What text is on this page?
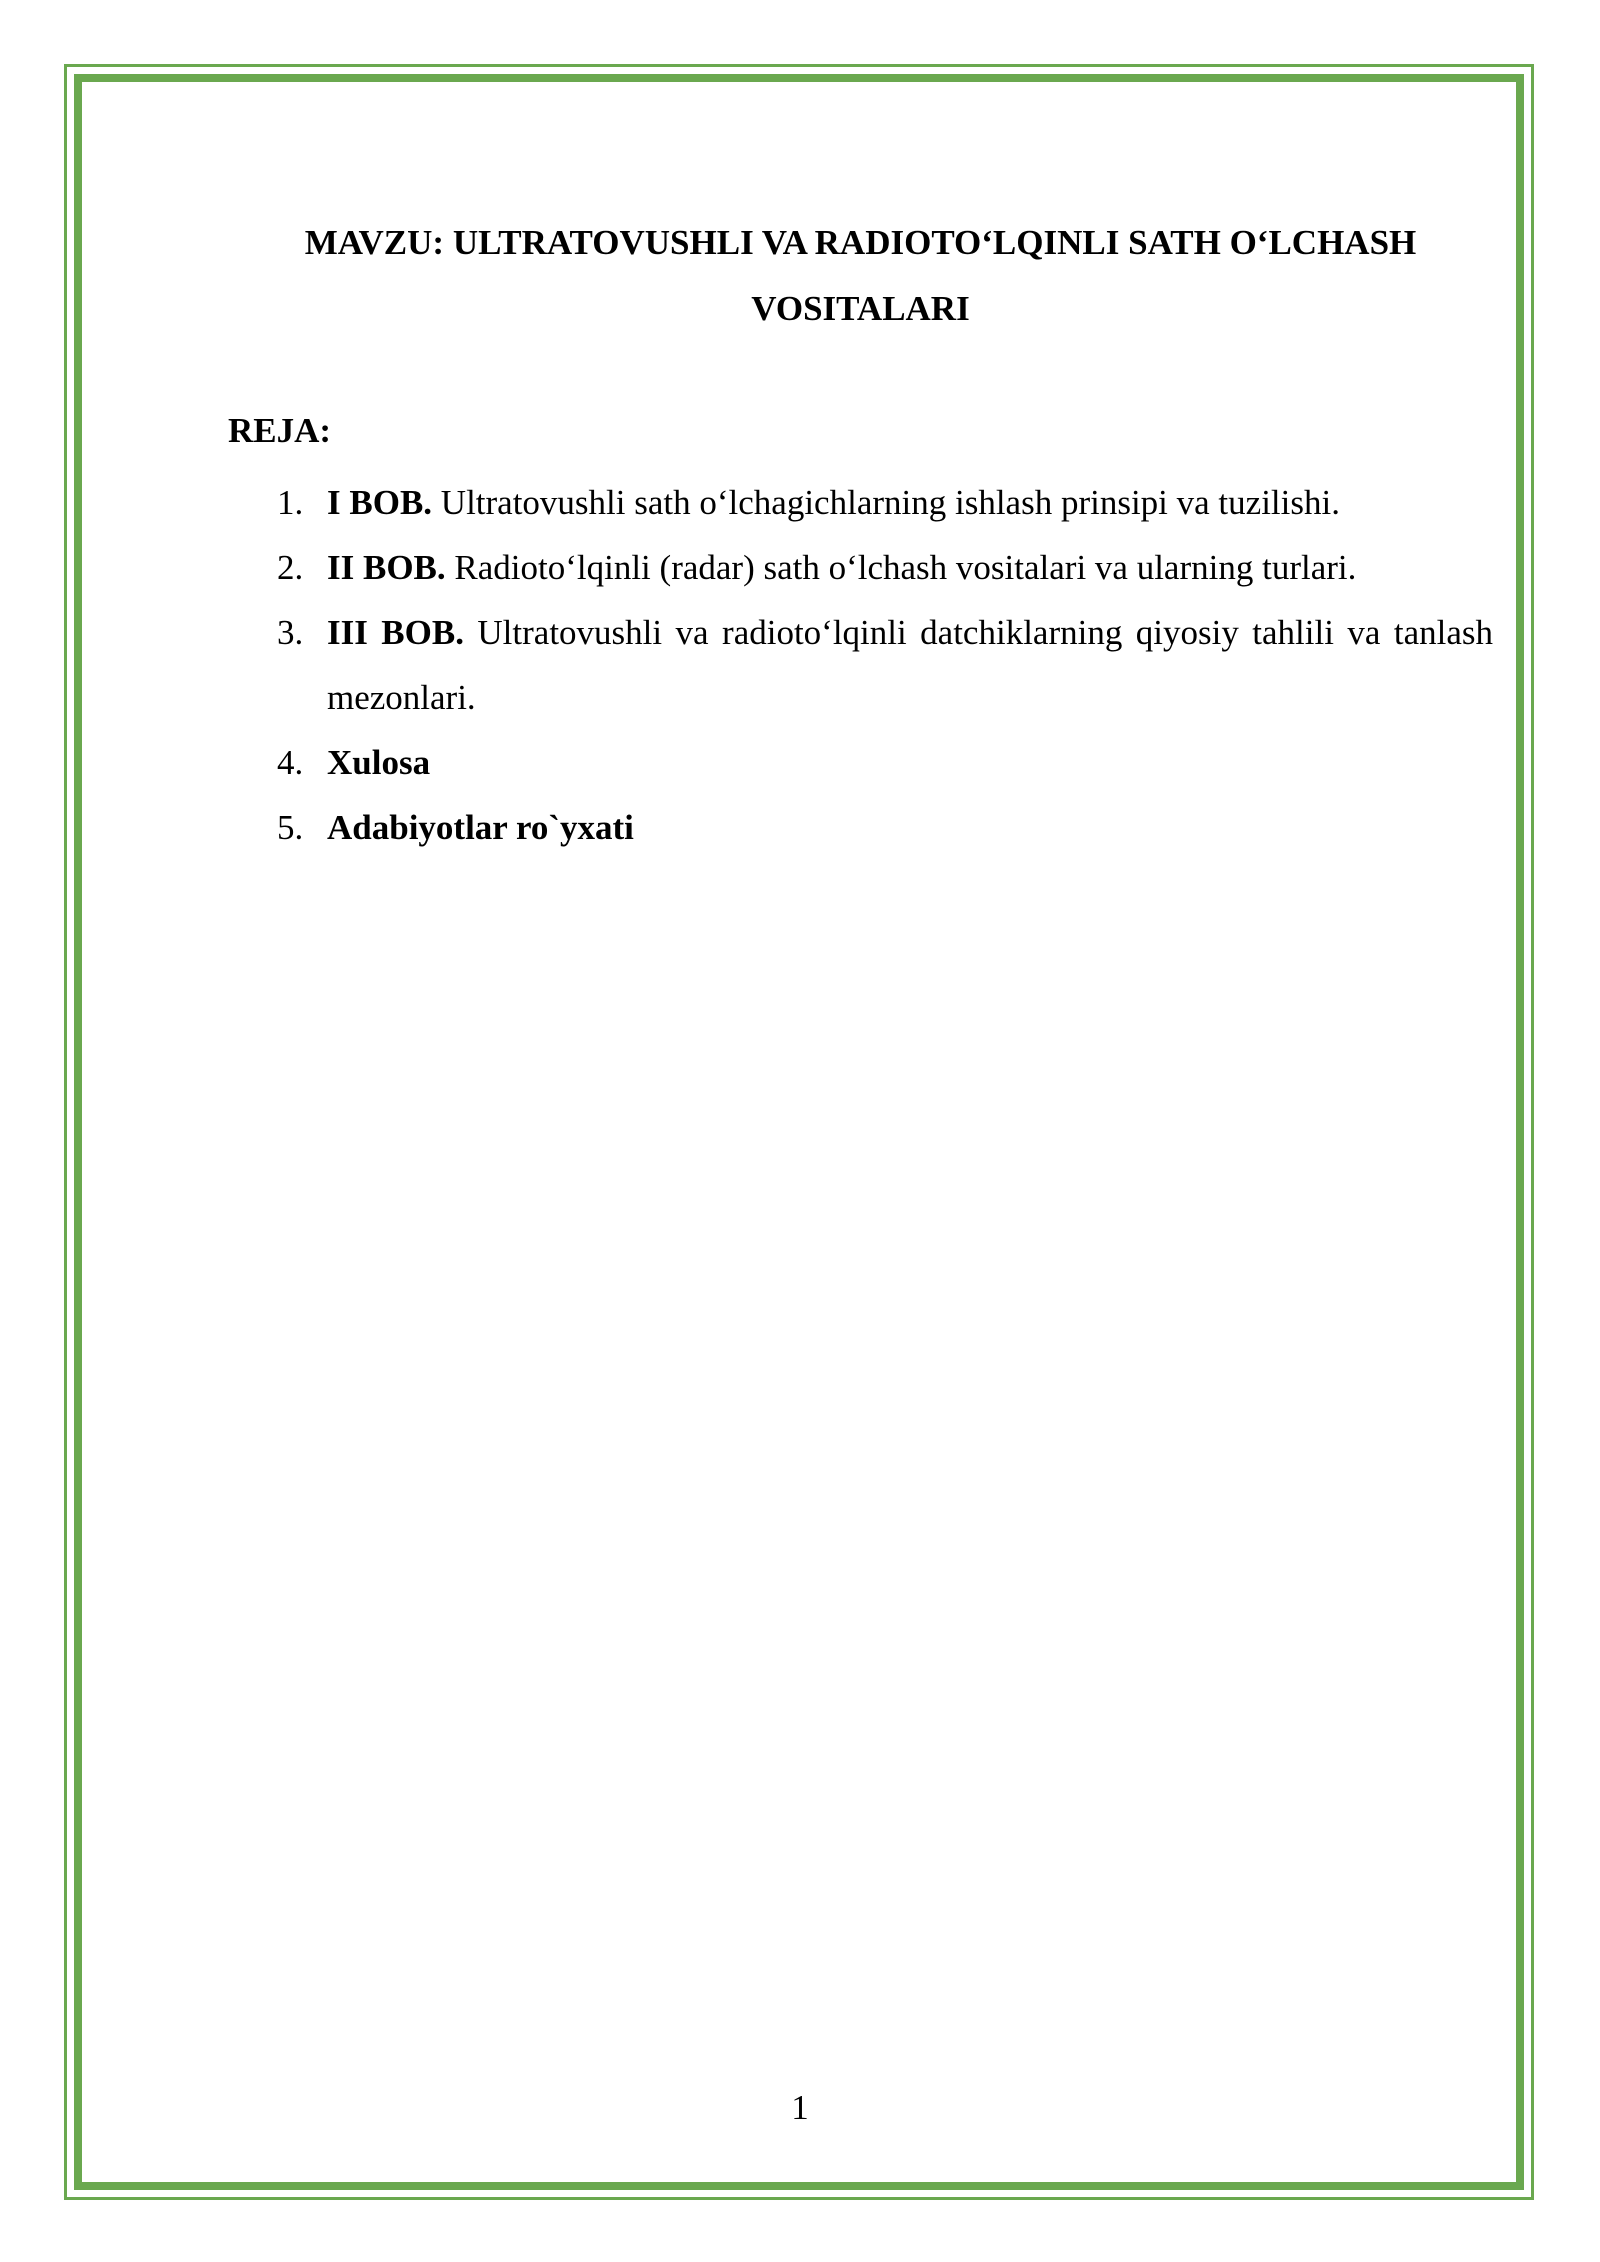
MAVZU: ULTRATOVUSHLI VA RADIOTO‘LQINLI SATH O‘LCHASH
VOSITALARI
REJA:
1. I BOB. Ultratovushli sath o‘lchagichlarning ishlash prinsipi va tuzilishi.
2. II BOB. Radioto‘lqinli (radar) sath o‘lchash vositalari va ularning turlari.
3. III BOB. Ultratovushli va radioto‘lqinli datchiklarning qiyosiy tahlili va tanlash mezonlari.
4. Xulosa
5. Adabiyotlar ro`yxati
1
